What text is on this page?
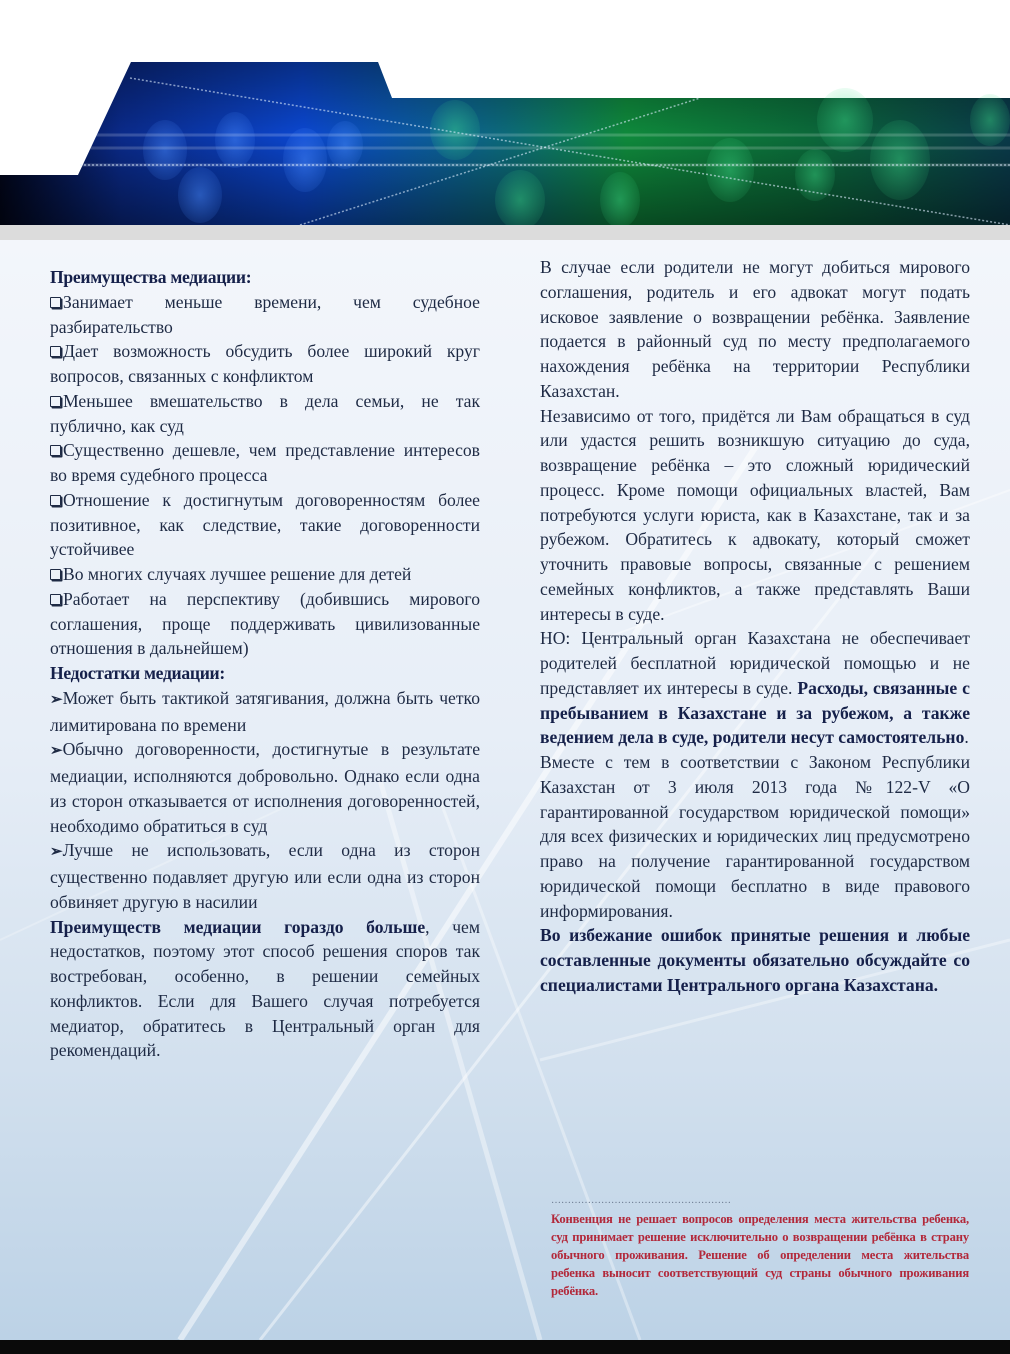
Преимущества медиации:

Занимает меньше времени, чем судебное разбирательство

Дает возможность обсудить более широкий круг вопросов, связанных с конфликтом

Меньшее вмешательство в дела семьи, не так публично, как суд

Существенно дешевле, чем представление интересов во время судебного процесса

Отношение к достигнутым договоренностям более позитивное, как следствие, такие договоренности устойчивее

Во многих случаях лучшее решение для детей

Работает на перспективу (добившись мирового соглашения, проще поддерживать цивилизованные отношения в дальнейшем)

Недостатки медиации:

➢Может быть тактикой затягивания, должна быть четко лимитирована по времени

➢Обычно договоренности, достигнутые в результате медиации, исполняются добровольно. Однако если одна из сторон отказывается от исполнения договоренностей, необходимо обратиться в суд

➢Лучше не использовать, если одна из сторон существенно подавляет другую или если одна из сторон обвиняет другую в насилии

Преимуществ медиации гораздо больше, чем недостатков, поэтому этот способ решения споров так востребован, особенно, в решении семейных конфликтов. Если для Вашего случая потребуется медиатор, обратитесь в Центральный орган для рекомендаций.

В случае если родители не могут добиться мирового соглашения, родитель и его адвокат могут подать исковое заявление о возвращении ребёнка. Заявление подается в районный суд по месту предполагаемого нахождения ребёнка на территории Республики Казахстан.

Независимо от того, придётся ли Вам обращаться в суд или удастся решить возникшую ситуацию до суда, возвращение ребёнка – это сложный юридический процесс. Кроме помощи официальных властей, Вам потребуются услуги юриста, как в Казахстане, так и за рубежом. Обратитесь к адвокату, который сможет уточнить правовые вопросы, связанные с решением семейных конфликтов, а также представлять Ваши интересы в суде.

НО: Центральный орган Казахстана не обеспечивает родителей бесплатной юридической помощью и не представляет их интересы в суде. Расходы, связанные с пребыванием в Казахстане и за рубежом, а также ведением дела в суде, родители несут самостоятельно.

Вместе с тем в соответствии с Законом Республики Казахстан от 3 июля 2013 года №122-V «О гарантированной государством юридической помощи» для всех физических и юридических лиц предусмотрено право на получение гарантированной государством юридической помощи бесплатно в виде правового информирования.

Во избежание ошибок принятые решения и любые составленные документы обязательно обсуждайте со специалистами Центрального органа Казахстана.

………………………………………………
Конвенция не решает вопросов определения места жительства ребенка, суд принимает решение исключительно о возвращении ребёнка в страну обычного проживания. Решение об определении места жительства ребенка выносит соответствующий суд страны обычного проживания ребёнка.
